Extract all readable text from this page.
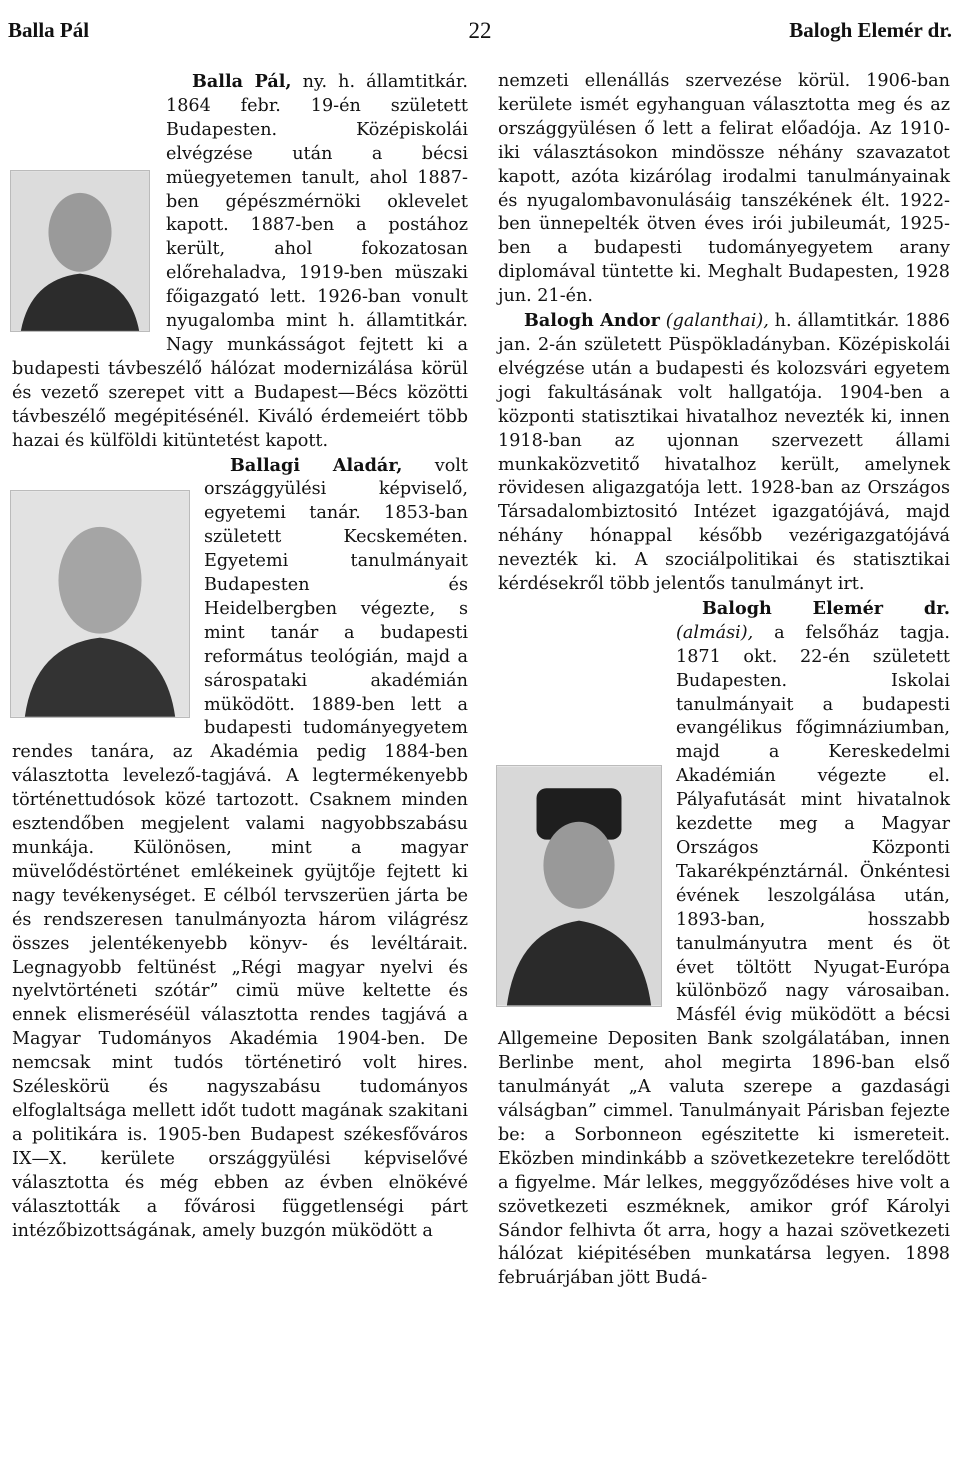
Balla Pál	22	Balogh Elemér dr.

Balla Pál, ny. h. államtitkár. 1864 febr. 19-én született Budapesten. Középiskolái elvégzése után a bécsi müegyetemen tanult, ahol 1887-ben gépészmérnöki oklevelet kapott. 1887-ben a postához került, ahol fokozatosan előrehaladva, 1919-ben müszaki főigazgató lett. 1926-ban vonult nyugalomba mint h. államtitkár. Nagy munkásságot fejtett ki a budapesti távbeszélő hálózat modernizálása körül és vezető szerepet vitt a Budapest—Bécs közötti távbeszélő megépitésénél. Kiváló érdemeiért több hazai és külföldi kitüntetést kapott.

Ballagi Aladár, volt országgyülési képviselő, egyetemi tanár. 1853-ban született Kecskeméten. Egyetemi tanulmányait Budapesten és Heidelbergben végezte, s mint tanár a budapesti református teológián, majd a sárospataki akadémián müködött. 1889-ben lett a budapesti tudományegyetem rendes tanára, az Akadémia pedig 1884-ben választotta levelező-tagjává. A legtermékenyebb történettudósok közé tartozott. Csaknem minden esztendőben megjelent valami nagyobbszabásu munkája. Különösen, mint a magyar müvelődéstörténet emlékeinek gyüjtője fejtett ki nagy tevékenységet. E célból tervszerüen járta be és rendszeresen tanulmányozta három világrész összes jelentékenyebb könyv- és levéltárait. Legnagyobb feltünést „Régi magyar nyelvi és nyelvtörténeti szótár” cimü müve keltette és ennek elismeréséül választotta rendes tagjává a Magyar Tudományos Akadémia 1904-ben. De nemcsak mint tudós történetiró volt hires. Széleskörü és nagyszabásu tudományos elfoglaltsága mellett időt tudott magának szakitani a politikára is. 1905-ben Budapest székesfőváros IX—X. kerülete országgyülési képviselővé választotta és még ebben az évben elnökévé választották a fővárosi függetlenségi párt intézőbizottságának, amely buzgón müködött a

nemzeti ellenállás szervezése körül. 1906-ban kerülete ismét egyhanguan választotta meg és az országgyülésen ő lett a felirat előadója. Az 1910-iki választásokon mindössze néhány szavazatot kapott, azóta kizárólag irodalmi tanulmányainak és nyugalombavonulásáig tanszékének élt. 1922-ben ünnepelték ötven éves irói jubileumát, 1925-ben a budapesti tudományegyetem arany diplomával tüntette ki. Meghalt Budapesten, 1928 jun. 21-én.

Balogh Andor (galanthai), h. államtitkár. 1886 jan. 2-án született Püspökladányban. Középiskolái elvégzése után a budapesti és kolozsvári egyetem jogi fakultásának volt hallgatója. 1904-ben a központi statisztikai hivatalhoz nevezték ki, innen 1918-ban az ujonnan szervezett állami munkaközvetitő hivatalhoz került, amelynek rövidesen aligazgatója lett. 1928-ban az Országos Társadalombiztositó Intézet igazgatójává, majd néhány hónappal később vezérigazgatójává nevezték ki. A szociálpolitikai és statisztikai kérdésekről több jelentős tanulmányt irt.

Balogh Elemér dr. (almási), a felsőház tagja. 1871 okt. 22-én született Budapesten. Iskolai tanulmányait a budapesti evangélikus főgimnáziumban, majd a Kereskedelmi Akadémián végezte el. Pályafutását mint hivatalnok kezdette meg a Magyar Országos Központi Takarékpénztárnál. Önkéntesi évének leszolgálása után, 1893-ban, hosszabb tanulmányutra ment és öt évet töltött Nyugat-Európa különböző nagy városaiban. Másfél évig müködött a bécsi Allgemeine Depositen Bank szolgálatában, innen Berlinbe ment, ahol megirta 1896-ban első tanulmányát „A valuta szerepe a gazdasági válságban” cimmel. Tanulmányait Párisban fejezte be: a Sorbonneon egészitette ki ismereteit. Eközben mindinkább a szövetkezetekre terelődött a figyelme. Már lelkes, meggyőződéses hive volt a szövetkezeti eszméknek, amikor gróf Károlyi Sándor felhivta őt arra, hogy a hazai szövetkezeti hálózat kiépitésében munkatársa legyen. 1898 februárjában jött Budá-
